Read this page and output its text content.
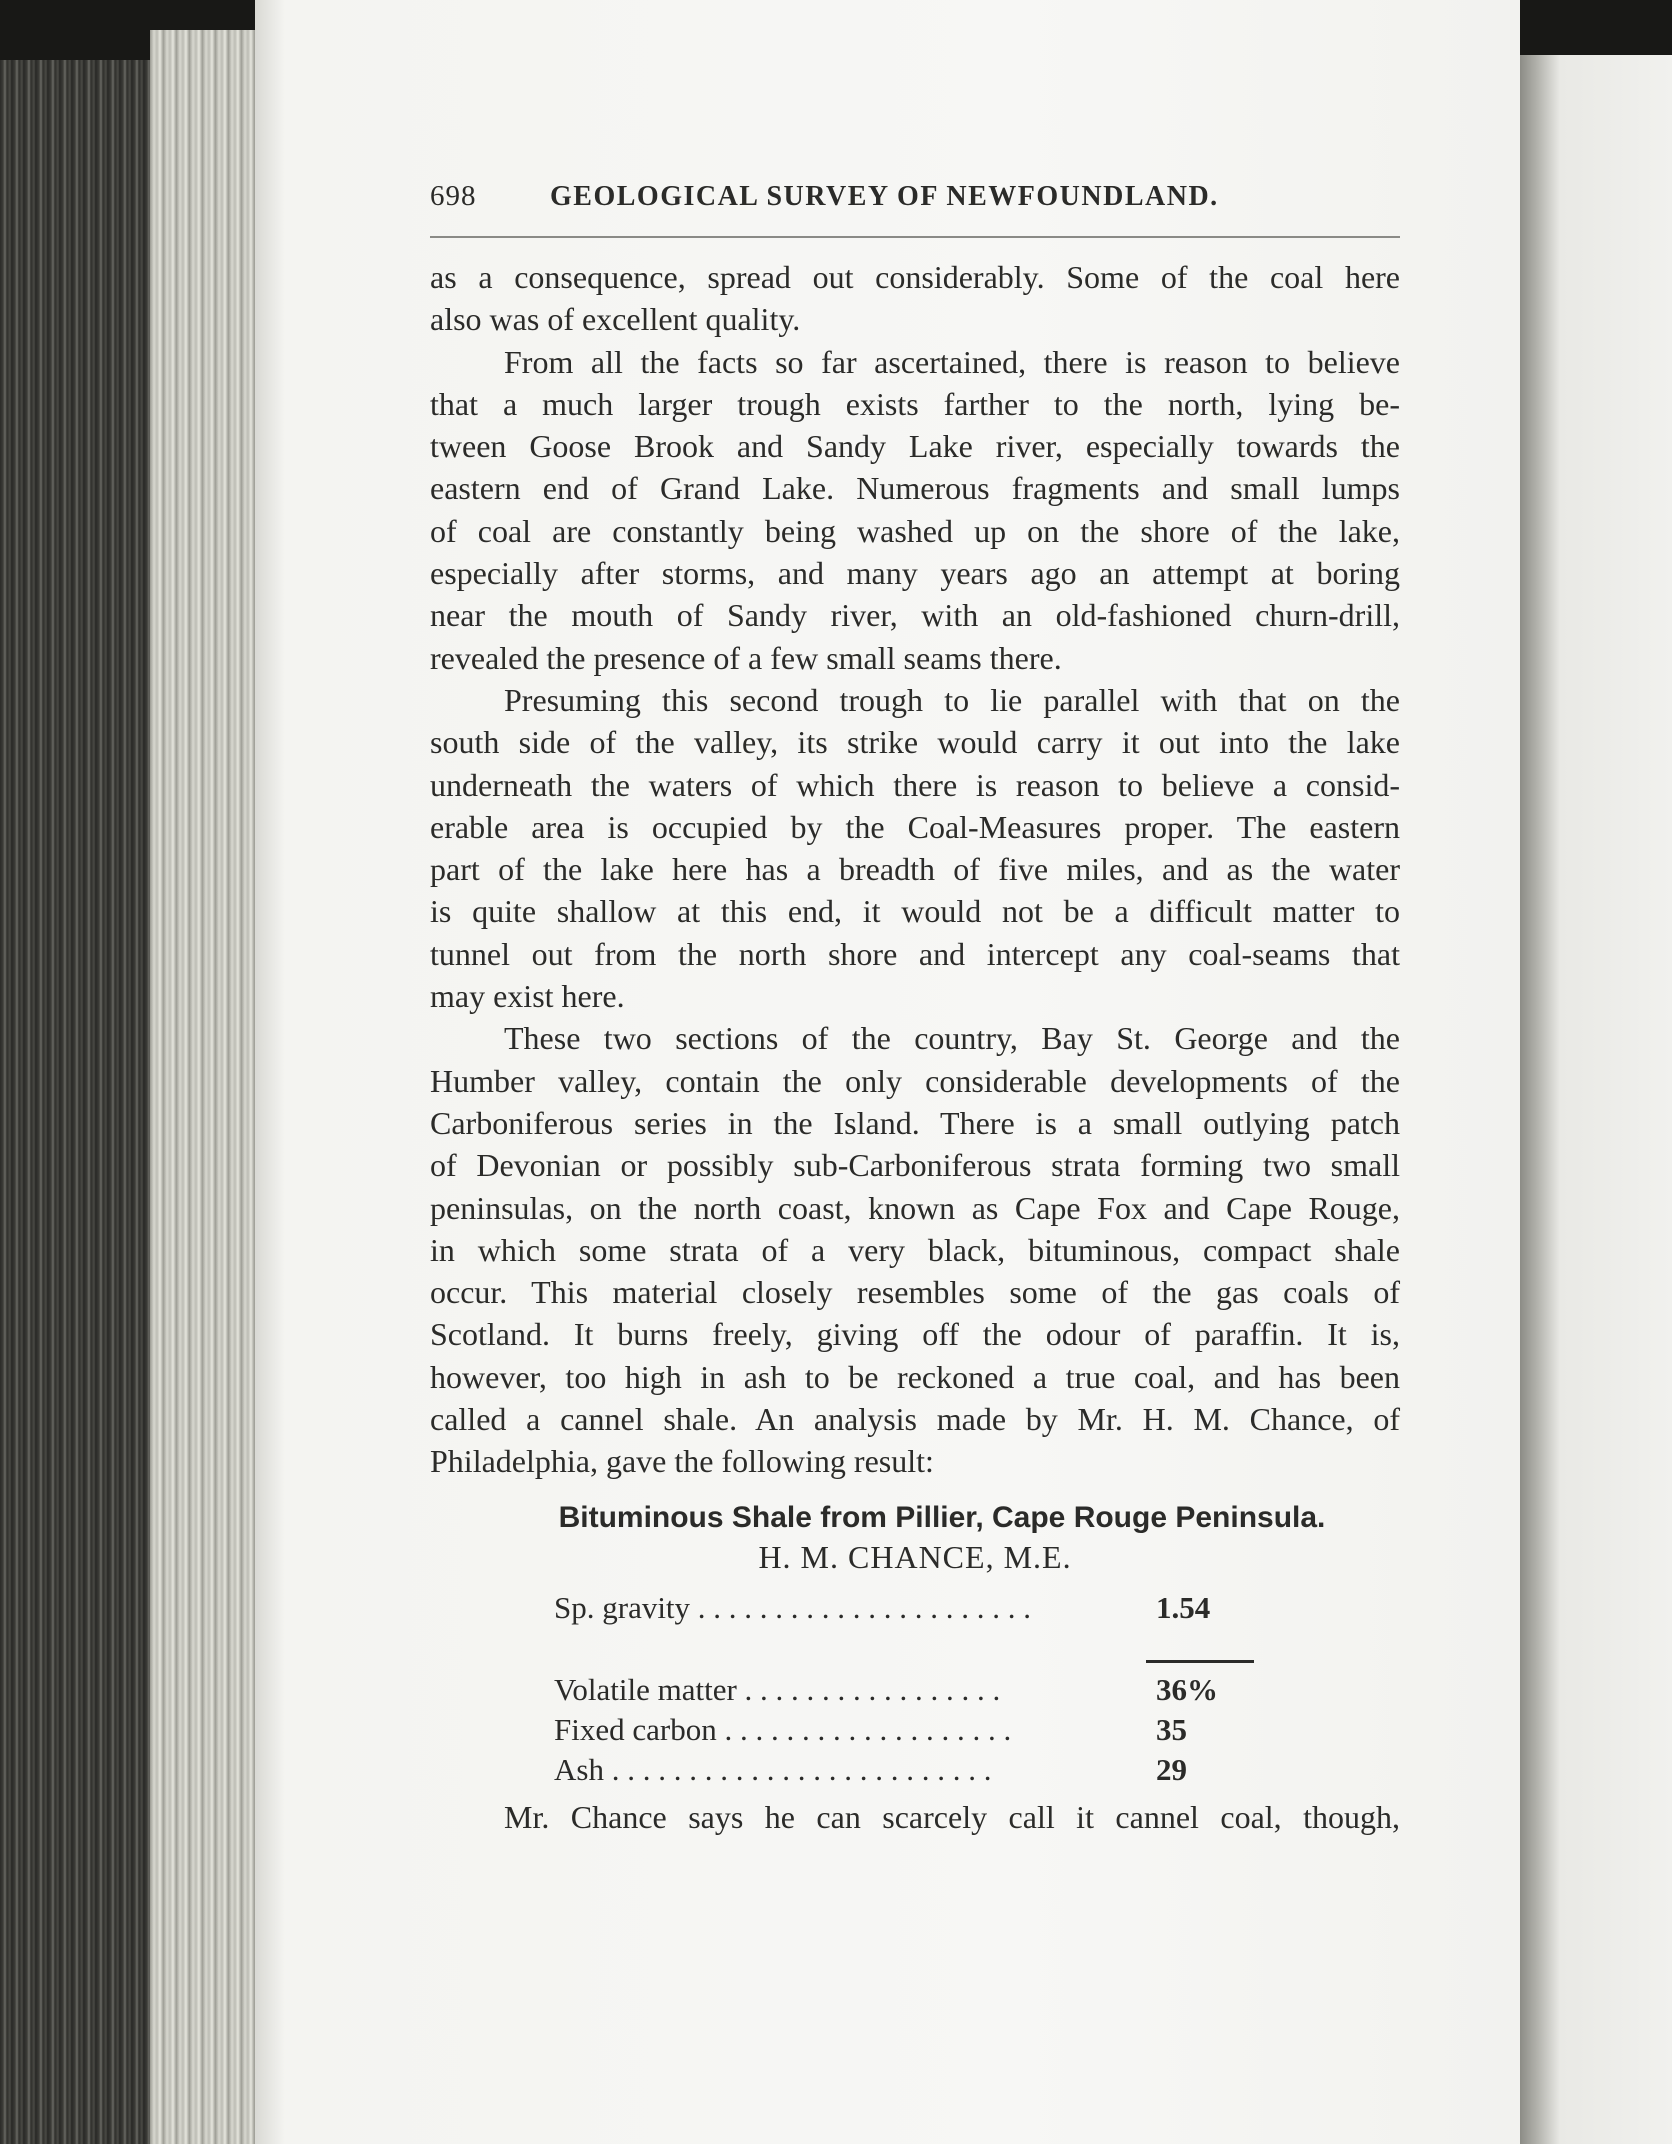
698	GEOLOGICAL SURVEY OF NEWFOUNDLAND.

as a consequence, spread out considerably. Some of the coal here
also was of excellent quality.

From all the facts so far ascertained, there is reason to believe
that a much larger trough exists farther to the north, lying be-
tween Goose Brook and Sandy Lake river, especially towards the
eastern end of Grand Lake. Numerous fragments and small lumps
of coal are constantly being washed up on the shore of the lake,
especially after storms, and many years ago an attempt at boring
near the mouth of Sandy river, with an old-fashioned churn-drill,
revealed the presence of a few small seams there.

Presuming this second trough to lie parallel with that on the
south side of the valley, its strike would carry it out into the lake
underneath the waters of which there is reason to believe a consid-
erable area is occupied by the Coal-Measures proper. The eastern
part of the lake here has a breadth of five miles, and as the water
is quite shallow at this end, it would not be a difficult matter to
tunnel out from the north shore and intercept any coal-seams that
may exist here.

These two sections of the country, Bay St. George and the
Humber valley, contain the only considerable developments of the
Carboniferous series in the Island. There is a small outlying patch
of Devonian or possibly sub-Carboniferous strata forming two small
peninsulas, on the north coast, known as Cape Fox and Cape Rouge,
in which some strata of a very black, bituminous, compact shale
occur. This material closely resembles some of the gas coals of
Scotland. It burns freely, giving off the odour of paraffin. It is,
however, too high in ash to be reckoned a true coal, and has been
called a cannel shale. An analysis made by Mr. H. M. Chance, of
Philadelphia, gave the following result:

Bituminous Shale from Pillier, Cape Rouge Peninsula.
H. M. CHANCE, M.E.
Sp. gravity . . . . . . . . . . . . . . . . . . . . . .	1.54
Volatile matter . . . . . . . . . . . . . . . . .	36%
Fixed carbon . . . . . . . . . . . . . . . . . . .	35
Ash . . . . . . . . . . . . . . . . . . . . . . . . .	29

Mr. Chance says he can scarcely call it cannel coal, though,
